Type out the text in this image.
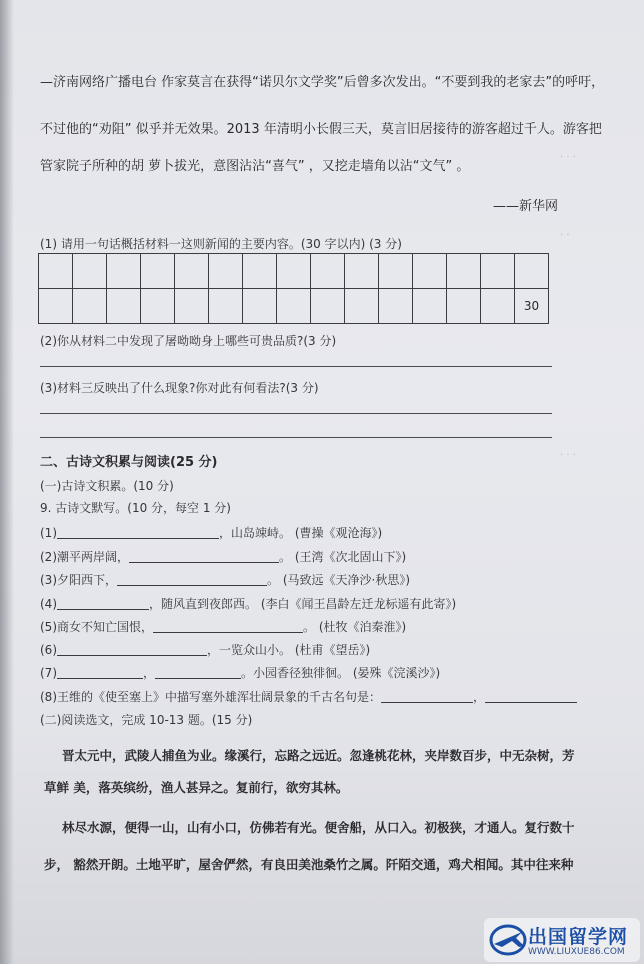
· · ·
· ·
· · ·
—济南网络广播电台 作家莫言在获得“诺贝尔文学奖”后曾多次发出。“不要到我的老家去”的呼吁，
不过他的“劝阻” 似乎并无效果。2013 年清明小长假三天，莫言旧居接待的游客超过千人。游客把
管家院子所种的胡 萝卜拔光，意图沾沾“喜气” ，又挖走墙角以沾“文气” 。
——新华网
(1) 请用一句话概括材料一这则新闻的主要内容。(30 字以内) (3 分)

														30
(2)你从材料二中发现了屠呦呦身上哪些可贵品质?(3 分)
(3)材料三反映出了什么现象?你对此有何看法?(3 分)
二、古诗文积累与阅读(25 分)
(一)古诗文积累。(10 分)
9. 古诗文默写。(10 分，每空 1 分)
(1)	，山岛竦峙。 (曹操《观沧海》)
(2)潮平两岸阔，	。 (王湾《次北固山下》)
(3)夕阳西下，	。 (马致远《天净沙·秋思》)
(4)	，随风直到夜郎西。 (李白《闻王昌龄左迁龙标遥有此寄》)
(5)商女不知亡国恨，	。 (杜牧《泊秦淮》)
(6)	，一览众山小。 (杜甫《望岳》)
(7)	，	。小园香径独徘徊。 (晏殊《浣溪沙》)
(8)王维的《使至塞上》中描写塞外雄浑壮阔景象的千古名句是：	，
(二)阅读选文，完成 10-13 题。(15 分)
晋太元中，武陵人捕鱼为业。缘溪行，忘路之远近。忽逢桃花林，夹岸数百步，中无杂树，芳
草鲜 美，落英缤纷，渔人甚异之。复前行，欲穷其林。
林尽水源，便得一山，山有小口，仿佛若有光。便舍船，从口入。初极狭，才通人。复行数十
步， 豁然开朗。土地平旷，屋舍俨然，有良田美池桑竹之属。阡陌交通，鸡犬相闻。其中往来种
出国留学网
WWW.LIUXUE86.COM
